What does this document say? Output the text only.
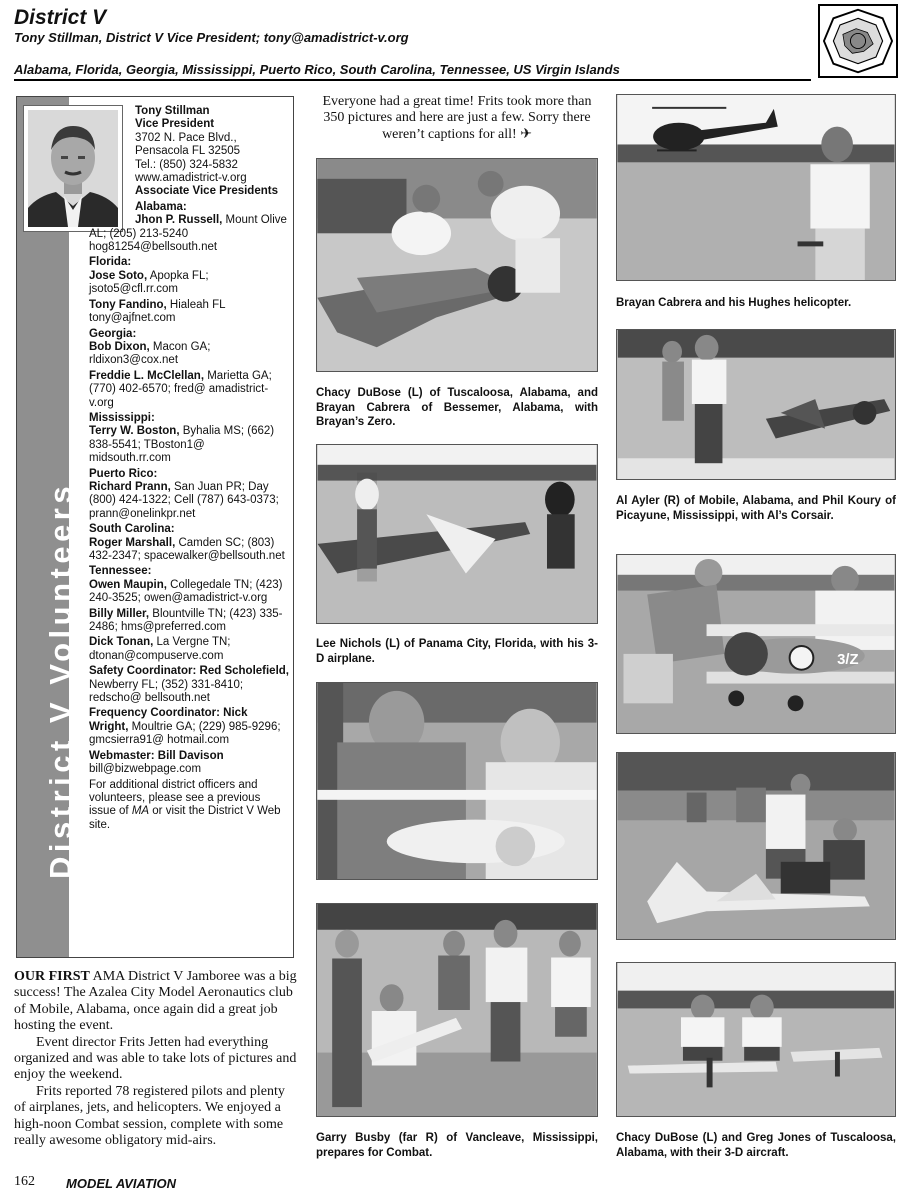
District V
Tony Stillman, District V Vice President; tony@amadistrict-v.org
Alabama, Florida, Georgia, Mississippi, Puerto Rico, South Carolina, Tennessee, US Virgin Islands
District V Volunteers
Tony Stillman
Vice President
3702 N. Pace Blvd.,
Pensacola FL 32505
Tel.: (850) 324-5832
www.amadistrict-v.org
Associate Vice Presidents
Alabama:
Jhon P. Russell, Mount Olive AL; (205) 213-5240 hog81254@bellsouth.net
Florida:
Jose Soto, Apopka FL; jsoto5@cfl.rr.com
Tony Fandino, Hialeah FL tony@ajfnet.com
Georgia:
Bob Dixon, Macon GA; rldixon3@cox.net
Freddie L. McClellan, Marietta GA; (770) 402-6570; fred@ amadistrict-v.org
Mississippi:
Terry W. Boston, Byhalia MS; (662) 838-5541; TBoston1@ midsouth.rr.com
Puerto Rico:
Richard Prann, San Juan PR; Day (800) 424-1322; Cell (787) 643-0373; prann@onelinkpr.net
South Carolina:
Roger Marshall, Camden SC; (803) 432-2347; spacewalker@bellsouth.net
Tennessee:
Owen Maupin, Collegedale TN; (423) 240-3525; owen@amadistrict-v.org
Billy Miller, Blountville TN; (423) 335-2486; hms@preferred.com
Dick Tonan, La Vergne TN; dtonan@compuserve.com
Safety Coordinator: Red Scholefield, Newberry FL; (352) 331-8410; redscho@ bellsouth.net
Frequency Coordinator: Nick Wright, Moultrie GA; (229) 985-9296; gmcsierra91@ hotmail.com
Webmaster: Bill Davison bill@bizwebpage.com
For additional district officers and volunteers, please see a previous issue of MA or visit the District V Web site.

OUR FIRST AMA District V Jamboree was a big success! The Azalea City Model Aeronautics club of Mobile, Alabama, once again did a great job hosting the event.

Event director Frits Jetten had everything organized and was able to take lots of pictures and enjoy the weekend.

Frits reported 78 registered pilots and plenty of airplanes, jets, and helicopters. We enjoyed a high-noon Combat session, complete with some really awesome obligatory mid-airs.

Everyone had a great time! Frits took more than 350 pictures and here are just a few. Sorry there weren’t captions for all! ✈
Chacy DuBose (L) of Tuscaloosa, Alabama, and Brayan Cabrera of Bessemer, Alabama, with Brayan’s Zero.
Lee Nichols (L) of Panama City, Florida, with his 3-D airplane.
Garry Busby (far R) of Vancleave, Mississippi, prepares for Combat.
Brayan Cabrera and his Hughes helicopter.
Al Ayler (R) of Mobile, Alabama, and Phil Koury of Picayune, Mississippi, with Al’s Corsair.
3/Z
Chacy DuBose (L) and Greg Jones of Tuscaloosa, Alabama, with their 3-D aircraft.
162 MODEL AVIATION
